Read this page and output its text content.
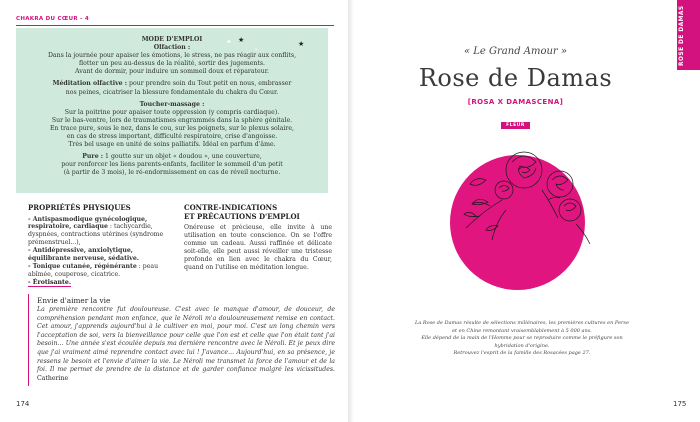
CHAKRA DU CŒUR - 4
★
✦
✧
★

MODE D'EMPLOI
Olfaction :
Dans la journée pour apaiser les émotions, le stress, ne pas réagir aux conflits,
flotter un peu au-dessus de la réalité, sortir des jugements.
Avant de dormir, pour induire un sommeil doux et réparateur.

Méditation olfactive : pour prendre soin du Tout petit en nous, embrasser
nos peines, cicatriser la blessure fondamentale du chakra du Cœur.

Toucher-massage :
Sur la poitrine pour apaiser toute oppression (y compris cardiaque).
Sur le bas-ventre, lors de traumatismes engrammés dans la sphère génitale.
En trace pure, sous le nez, dans le cou, sur les poignets, sur le plexus solaire,
en cas de stress important, difficulté respiratoire, crise d'angoisse.
Très bel usage en unité de soins palliatifs. Idéal en parfum d'âme.

Pure : 1 goutte sur un objet « doudou », une couverture,
pour renforcer les liens parents-enfants, faciliter le sommeil d'un petit
(à partir de 3 mois), le ré-endormissement en cas de réveil nocturne.

PROPRIÉTÉS PHYSIQUES
- Antispasmodique gynécologique, respiratoire, cardiaque : tachycardie, dyspnées, contractions utérines (syndrome prémenstruel...),
- Antidépressive, anxiolytique, équilibrante nerveuse, sédative.
- Tonique cutanée, régénérante : peau abîmée, couperose, cicatrice.
- Érotisante.
CONTRE-INDICATIONS
ET PRÉCAUTIONS D'EMPLOI
Onéreuse et précieuse, elle invite à une utilisation en toute conscience. On se l'offre comme un cadeau. Aussi raffinée et délicate soit-elle, elle peut aussi réveiller une tristesse profonde en lien avec le chakra du Cœur, quand on l'utilise en méditation longue.
Envie d'aimer la vie
La première rencontre fut douloureuse. C'est avec le manque d'amour, de douceur, de compréhension pendant mon enfance, que le Néroli m'a douloureusement remise en contact. Cet amour, j'apprends aujourd'hui à le cultiver en moi, pour moi. C'est un long chemin vers l'acceptation de soi, vers la bienveillance pour celle que l'on est et celle que l'on était tant j'ai besoin… Une année s'est écoulée depuis ma dernière rencontre avec le Néroli. Et je peux dire que j'ai vraiment aimé reprendre contact avec lui ! J'avance… Aujourd'hui, en sa présence, je ressens le besoin et l'envie d'aimer la vie. Le Néroli me transmet la force de l'amour et de la foi. Il me permet de prendre de la distance et de garder confiance malgré les vicissitudes. Catherine
174
ROSE DE DAMAS
« Le Grand Amour »
Rose de Damas
[ROSA X DAMASCENA]
FLEUR
La Rose de Damas résulte de sélections millénaires, les premières cultures en Perse
et en Chine remontant vraisemblablement à 5 000 ans.
Elle dépend de la main de l'Homme pour se reproduire comme le préfigure son hybridation d'origine.
Retrouvez l'esprit de la famille des Rosacées page 27.
175
